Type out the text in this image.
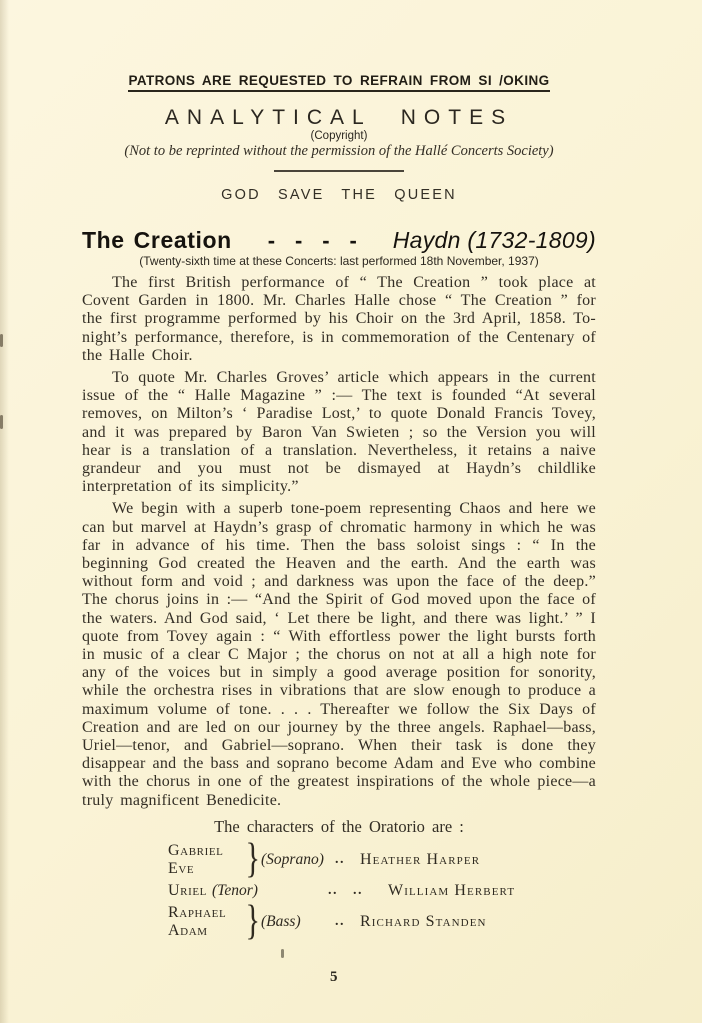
PATRONS ARE REQUESTED TO REFRAIN FROM SI /OKING
ANALYTICAL NOTES
(Copyright)
(Not to be reprinted without the permission of the Hallé Concerts Society)
GOD SAVE THE QUEEN
The Creation - - - - Haydn (1732-1809)
(Twenty-sixth time at these Concerts: last performed 18th November, 1937)

The first British performance of “ The Creation ” took place at Covent Garden in 1800. Mr. Charles Halle chose “ The Creation ” for the first programme performed by his Choir on the 3rd April, 1858. To-night’s performance, therefore, is in commemoration of the Centenary of the Halle Choir.

To quote Mr. Charles Groves’ article which appears in the current issue of the “ Halle Magazine ” :— The text is founded “At several removes, on Milton’s ‘ Paradise Lost,’ to quote Donald Francis Tovey, and it was prepared by Baron Van Swieten ; so the Version you will hear is a translation of a translation. Nevertheless, it retains a naive grandeur and you must not be dismayed at Haydn’s childlike interpretation of its simplicity.”

We begin with a superb tone-poem representing Chaos and here we can but marvel at Haydn’s grasp of chromatic harmony in which he was far in advance of his time. Then the bass soloist sings : “ In the beginning God created the Heaven and the earth. And the earth was without form and void ; and darkness was upon the face of the deep.” The chorus joins in :— “And the Spirit of God moved upon the face of the waters. And God said, ‘ Let there be light, and there was light.’ ” I quote from Tovey again : “ With effortless power the light bursts forth in music of a clear C Major ; the chorus on not at all a high note for any of the voices but in simply a good average position for sonority, while the orchestra rises in vibrations that are slow enough to produce a maximum volume of tone. . . . Thereafter we follow the Six Days of Creation and are led on our journey by the three angels. Raphael—bass, Uriel—tenor, and Gabriel—soprano. When their task is done they disappear and the bass and soprano become Adam and Eve who combine with the chorus in one of the greatest inspirations of the whole piece—a truly magnificent Benedicite.

The characters of the Oratorio are :
Gabriel
Eve	} (Soprano) .. Heather Harper
Uriel (Tenor)	..	..	William Herbert
Raphael
Adam } (Bass)	.. Richard Standen
5
